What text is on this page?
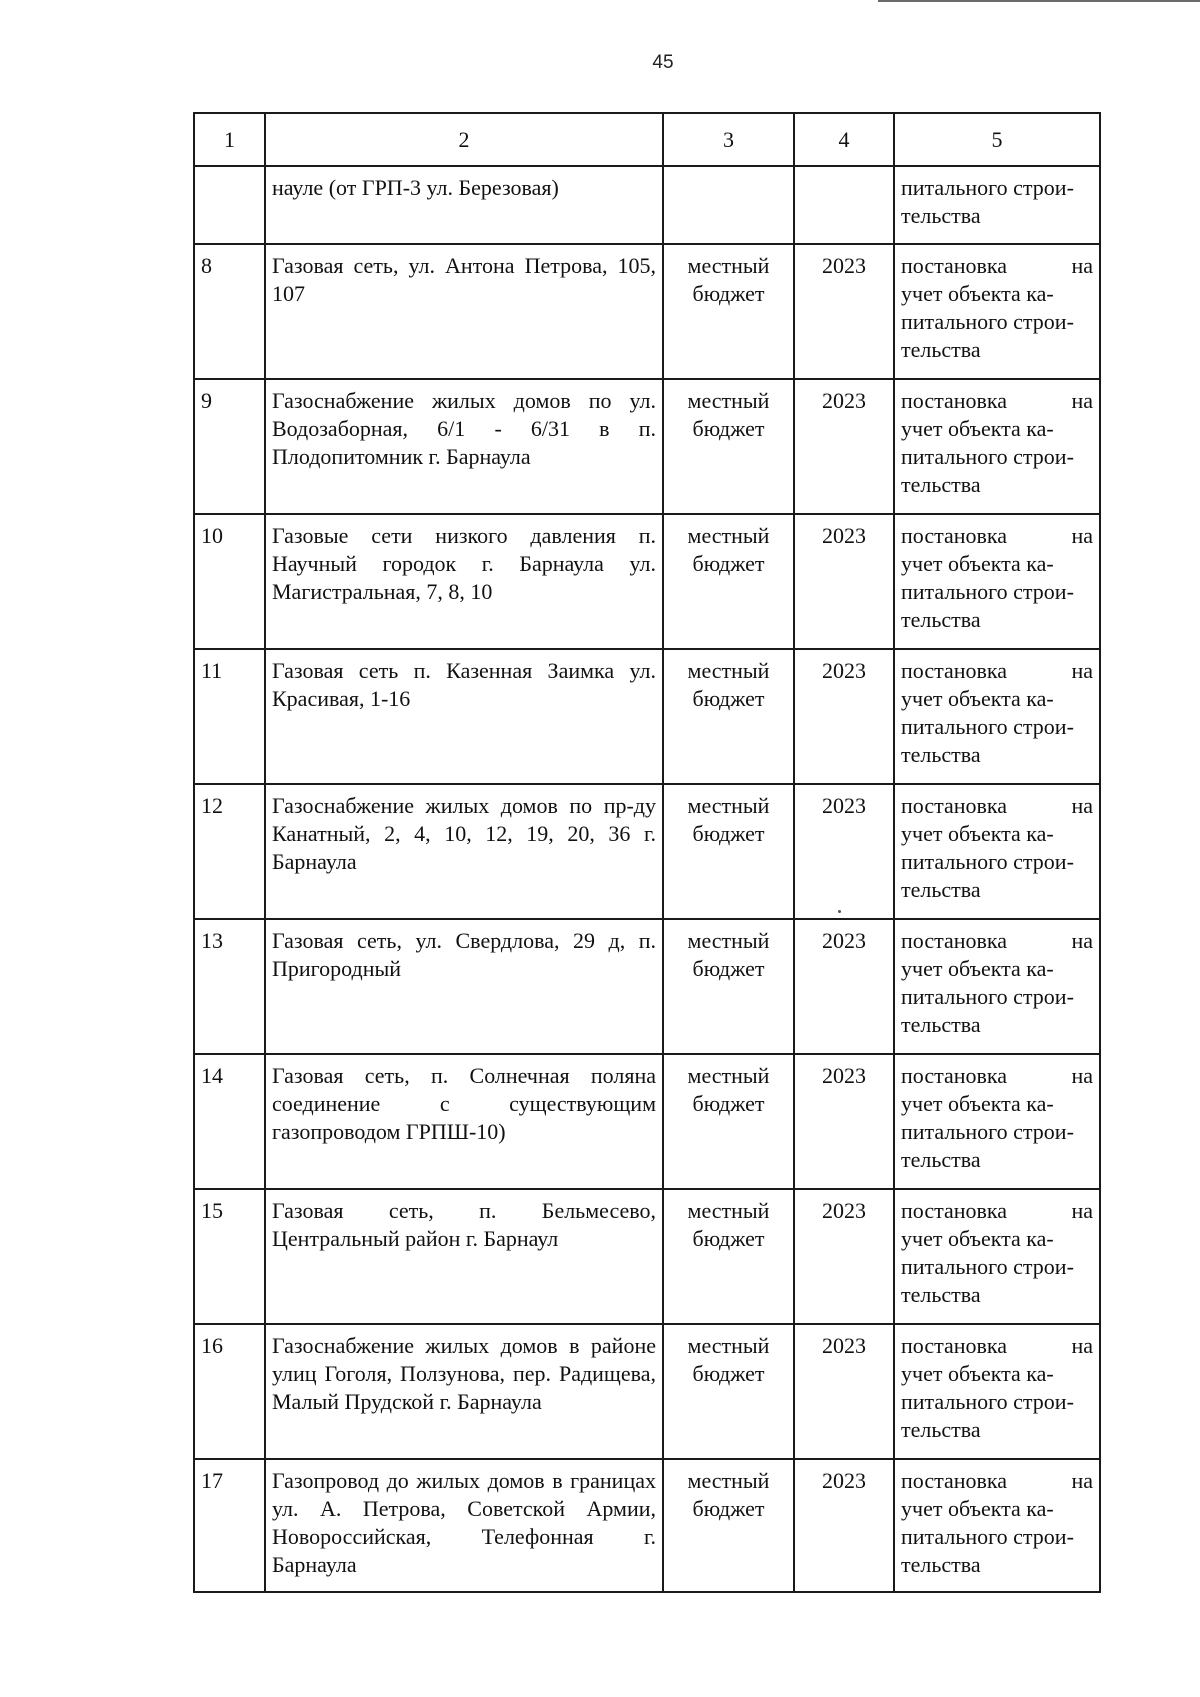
45
1	2	3	4	5
	науле (от ГРП-3 ул. Березовая)			питального строи-
тельства

8	Газовая сеть, ул. Антона Петрова, 105, 107	местный
бюджет	2023	постановка на
учет объекта ка-
питального строи-
тельства

9	Газоснабжение жилых домов по ул. Водозаборная, 6/1 - 6/31 в п. Плодопитомник г. Барнаула	местный
бюджет	2023	постановка на
учет объекта ка-
питального строи-
тельства

10	Газовые сети низкого давления п. Научный городок г. Барнаула ул. Магистральная, 7, 8, 10	местный
бюджет	2023	постановка на
учет объекта ка-
питального строи-
тельства

11	Газовая сеть п. Казенная Заимка ул. Красивая, 1-16	местный
бюджет	2023	постановка на
учет объекта ка-
питального строи-
тельства

12	Газоснабжение жилых домов по пр-ду Канатный, 2, 4, 10, 12, 19, 20, 36 г. Барнаула	местный
бюджет	2023	постановка на
учет объекта ка-
питального строи-
тельства

13	Газовая сеть, ул. Свердлова, 29 д, п. Пригородный	местный
бюджет	2023	постановка на
учет объекта ка-
питального строи-
тельства

14	Газовая сеть, п. Солнечная поляна соединение с существующим газопроводом ГРПШ-10)	местный
бюджет	2023	постановка на
учет объекта ка-
питального строи-
тельства

15	Газовая сеть, п. Бельмесево, Центральный район г. Барнаул	местный
бюджет	2023	постановка на
учет объекта ка-
питального строи-
тельства

16	Газоснабжение жилых домов в районе улиц Гоголя, Ползунова, пер. Радищева, Малый Прудской г. Барнаула	местный
бюджет	2023	постановка на
учет объекта ка-
питального строи-
тельства

17	Газопровод до жилых домов в границах ул. А. Петрова, Советской Армии, Новороссийская, Телефонная г. Барнаула	местный
бюджет	2023	постановка на
учет объекта ка-
питального строи-
тельства
